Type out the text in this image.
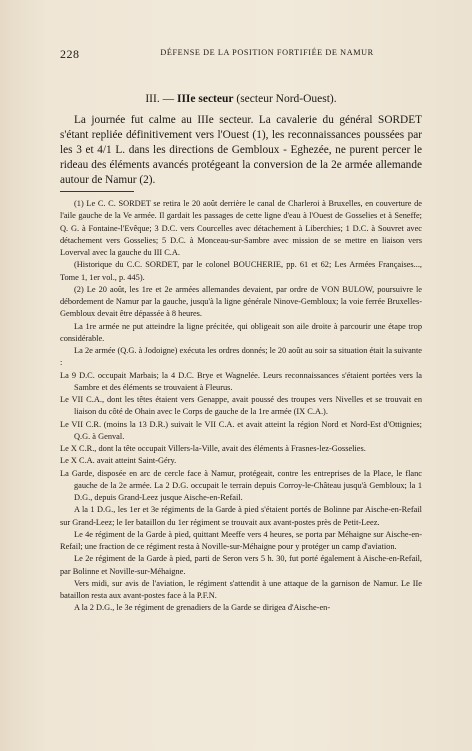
228	DÉFENSE DE LA POSITION FORTIFIÉE DE NAMUR
III. — IIIe secteur (secteur Nord-Ouest).

La journée fut calme au IIIe secteur. La cavalerie du général SORDET s'étant repliée définitivement vers l'Ouest (1), les reconnaissances poussées par les 3 et 4/1 L. dans les directions de Gembloux - Eghezée, ne purent percer le rideau des éléments avancés protégeant la conversion de la 2e armée allemande autour de Namur (2).

(1) Le C. C. SORDET se retira le 20 août derrière le canal de Charleroi à Bruxelles, en couverture de l'aile gauche de la Ve armée. Il gardait les passages de cette ligne d'eau à l'Ouest de Gosselies et à Seneffe; Q. G. à Fontaine-l'Evêque; 3 D.C. vers Courcelles avec détachement à Liberchies; 1 D.C. à Souvret avec détachement vers Gosselies; 5 D.C. à Monceau-sur-Sambre avec mission de se mettre en liaison vers Loverval avec la gauche du III C.A.

(Historique du C.C. SORDET, par le colonel BOUCHERIE, pp. 61 et 62; Les Armées Françaises..., Tome 1, 1er vol., p. 445).

(2) Le 20 août, les 1re et 2e armées allemandes devaient, par ordre de VON BULOW, poursuivre le débordement de Namur par la gauche, jusqu'à la ligne générale Ninove-Gembloux; la voie ferrée Bruxelles-Gembloux devait être dépassée à 8 heures.

La 1re armée ne put atteindre la ligne précitée, qui obligeait son aile droite à parcourir une étape trop considérable.

La 2e armée (Q.G. à Jodoigne) exécuta les ordres donnés; le 20 août au soir sa situation était la suivante :

La 9 D.C. occupait Marbais; la 4 D.C. Brye et Wagnelée. Leurs reconnaissances s'étaient portées vers la Sambre et des éléments se trouvaient à Fleurus.

Le VII C.A., dont les têtes étaient vers Genappe, avait poussé des troupes vers Nivelles et se trouvait en liaison du côté de Ohain avec le Corps de gauche de la 1re armée (IX C.A.).

Le VII C.R. (moins la 13 D.R.) suivait le VII C.A. et avait atteint la région Nord et Nord-Est d'Ottignies; Q.G. à Genval.

Le X C.R., dont la tête occupait Villers-la-Ville, avait des éléments à Frasnes-lez-Gosselies.

Le X C.A. avait atteint Saint-Géry.

La Garde, disposée en arc de cercle face à Namur, protégeait, contre les entreprises de la Place, le flanc gauche de la 2e armée. La 2 D.G. occupait le terrain depuis Corroy-le-Château jusqu'à Gembloux; la 1 D.G., depuis Grand-Leez jusque Aische-en-Refail.

A la 1 D.G., les 1er et 3e régiments de la Garde à pied s'étaient portés de Bolinne par Aische-en-Refail sur Grand-Leez; le Ier bataillon du 1er régiment se trouvait aux avant-postes près de Petit-Leez.

Le 4e régiment de la Garde à pied, quittant Meeffe vers 4 heures, se porta par Méhaigne sur Aische-en-Refail; une fraction de ce régiment resta à Noville-sur-Méhaigne pour y protéger un camp d'aviation.

Le 2e régiment de la Garde à pied, parti de Seron vers 5 h. 30, fut porté également à Aische-en-Refail, par Bolinne et Noville-sur-Méhaigne.

Vers midi, sur avis de l'aviation, le régiment s'attendit à une attaque de la garnison de Namur. Le IIe bataillon resta aux avant-postes face à la P.F.N.

A la 2 D.G., le 3e régiment de grenadiers de la Garde se dirigea d'Aische-en-
